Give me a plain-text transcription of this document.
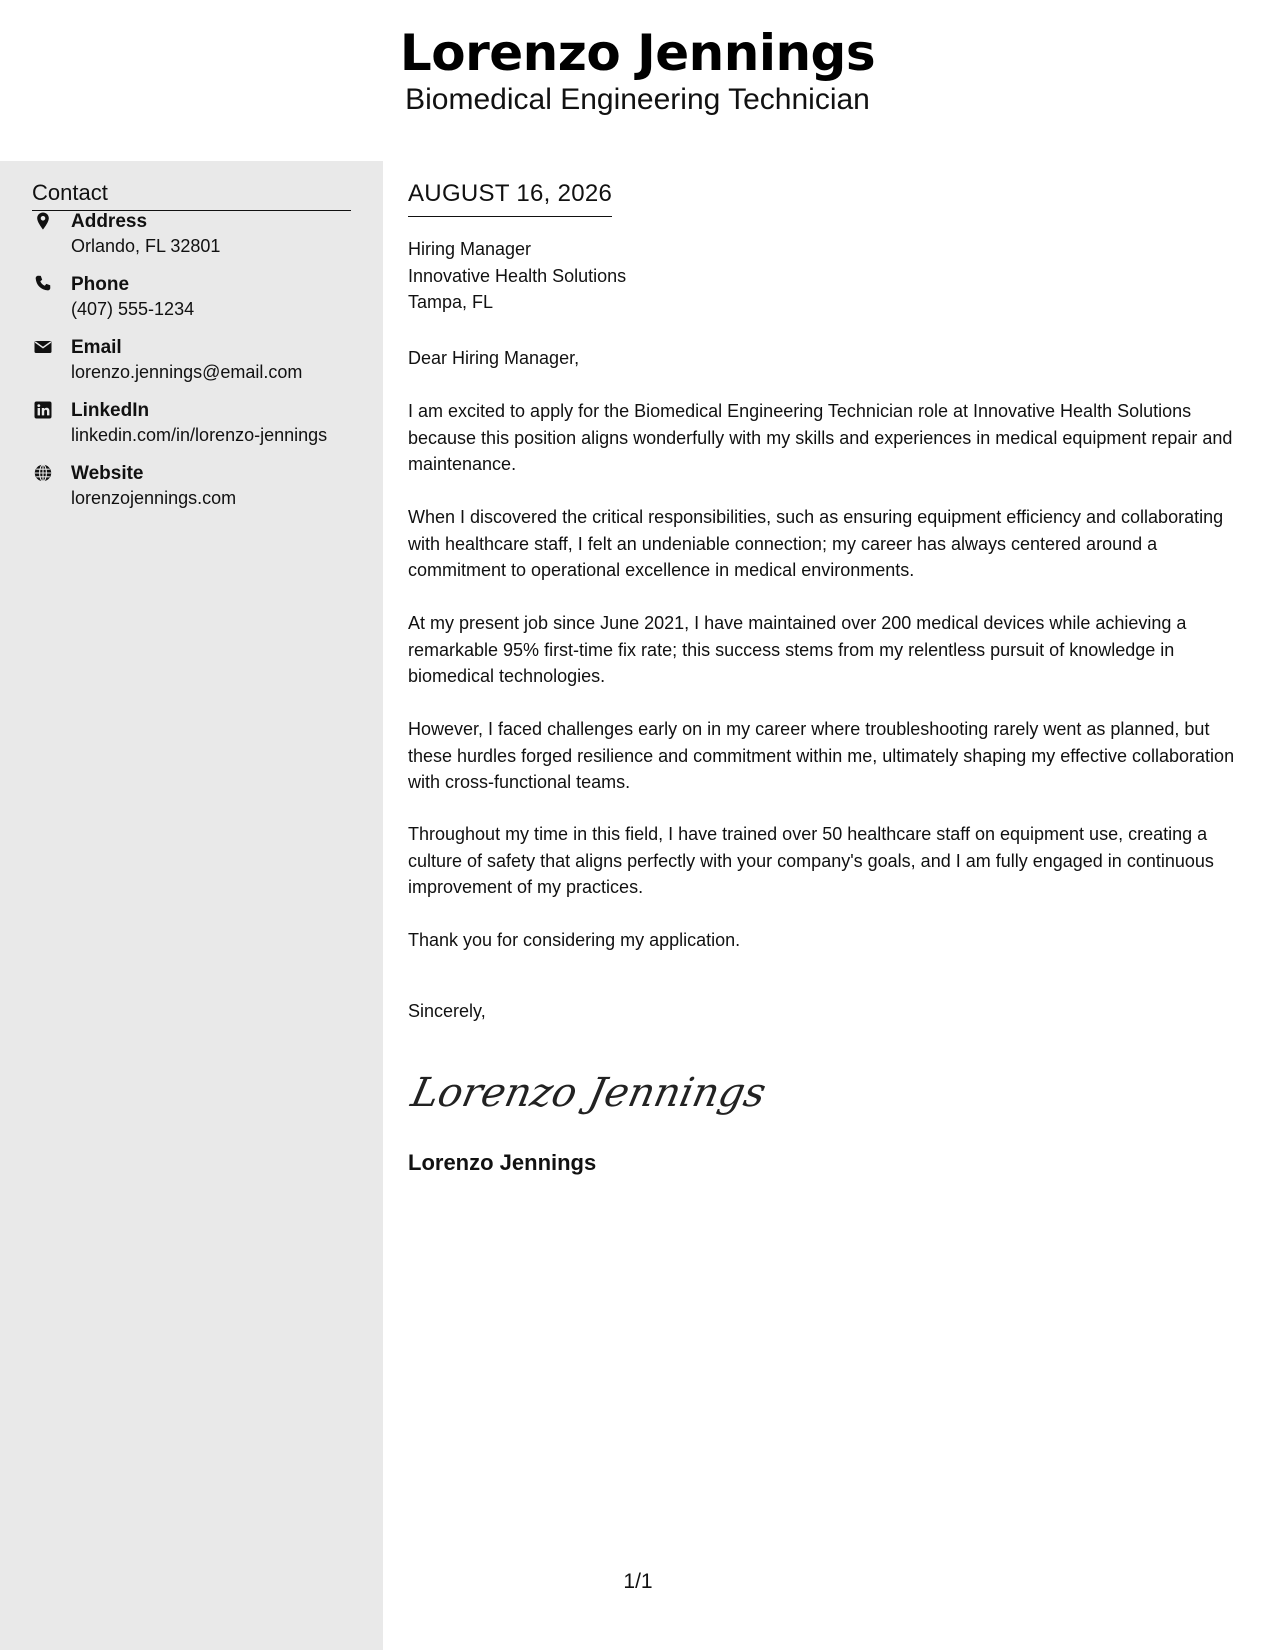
Lorenzo Jennings
Biomedical Engineering Technician
Contact
Address
Orlando, FL 32801
Phone
(407) 555-1234
Email
lorenzo.jennings@email.com
LinkedIn
linkedin.com/in/lorenzo-jennings
Website
lorenzojennings.com
AUGUST 16, 2026
Hiring Manager
Innovative Health Solutions
Tampa, FL
Dear Hiring Manager,

I am excited to apply for the Biomedical Engineering Technician role at Innovative Health Solutions because this position aligns wonderfully with my skills and experiences in medical equipment repair and maintenance.

When I discovered the critical responsibilities, such as ensuring equipment efficiency and collaborating with healthcare staff, I felt an undeniable connection; my career has always centered around a commitment to operational excellence in medical environments.

At my present job since June 2021, I have maintained over 200 medical devices while achieving a remarkable 95% first-time fix rate; this success stems from my relentless pursuit of knowledge in biomedical technologies.

However, I faced challenges early on in my career where troubleshooting rarely went as planned, but these hurdles forged resilience and commitment within me, ultimately shaping my effective collaboration with cross-functional teams.

Throughout my time in this field, I have trained over 50 healthcare staff on equipment use, creating a culture of safety that aligns perfectly with your company's goals, and I am fully engaged in continuous improvement of my practices.

Thank you for considering my application.

Sincerely,
Lorenzo Jennings
Lorenzo Jennings
1/1
